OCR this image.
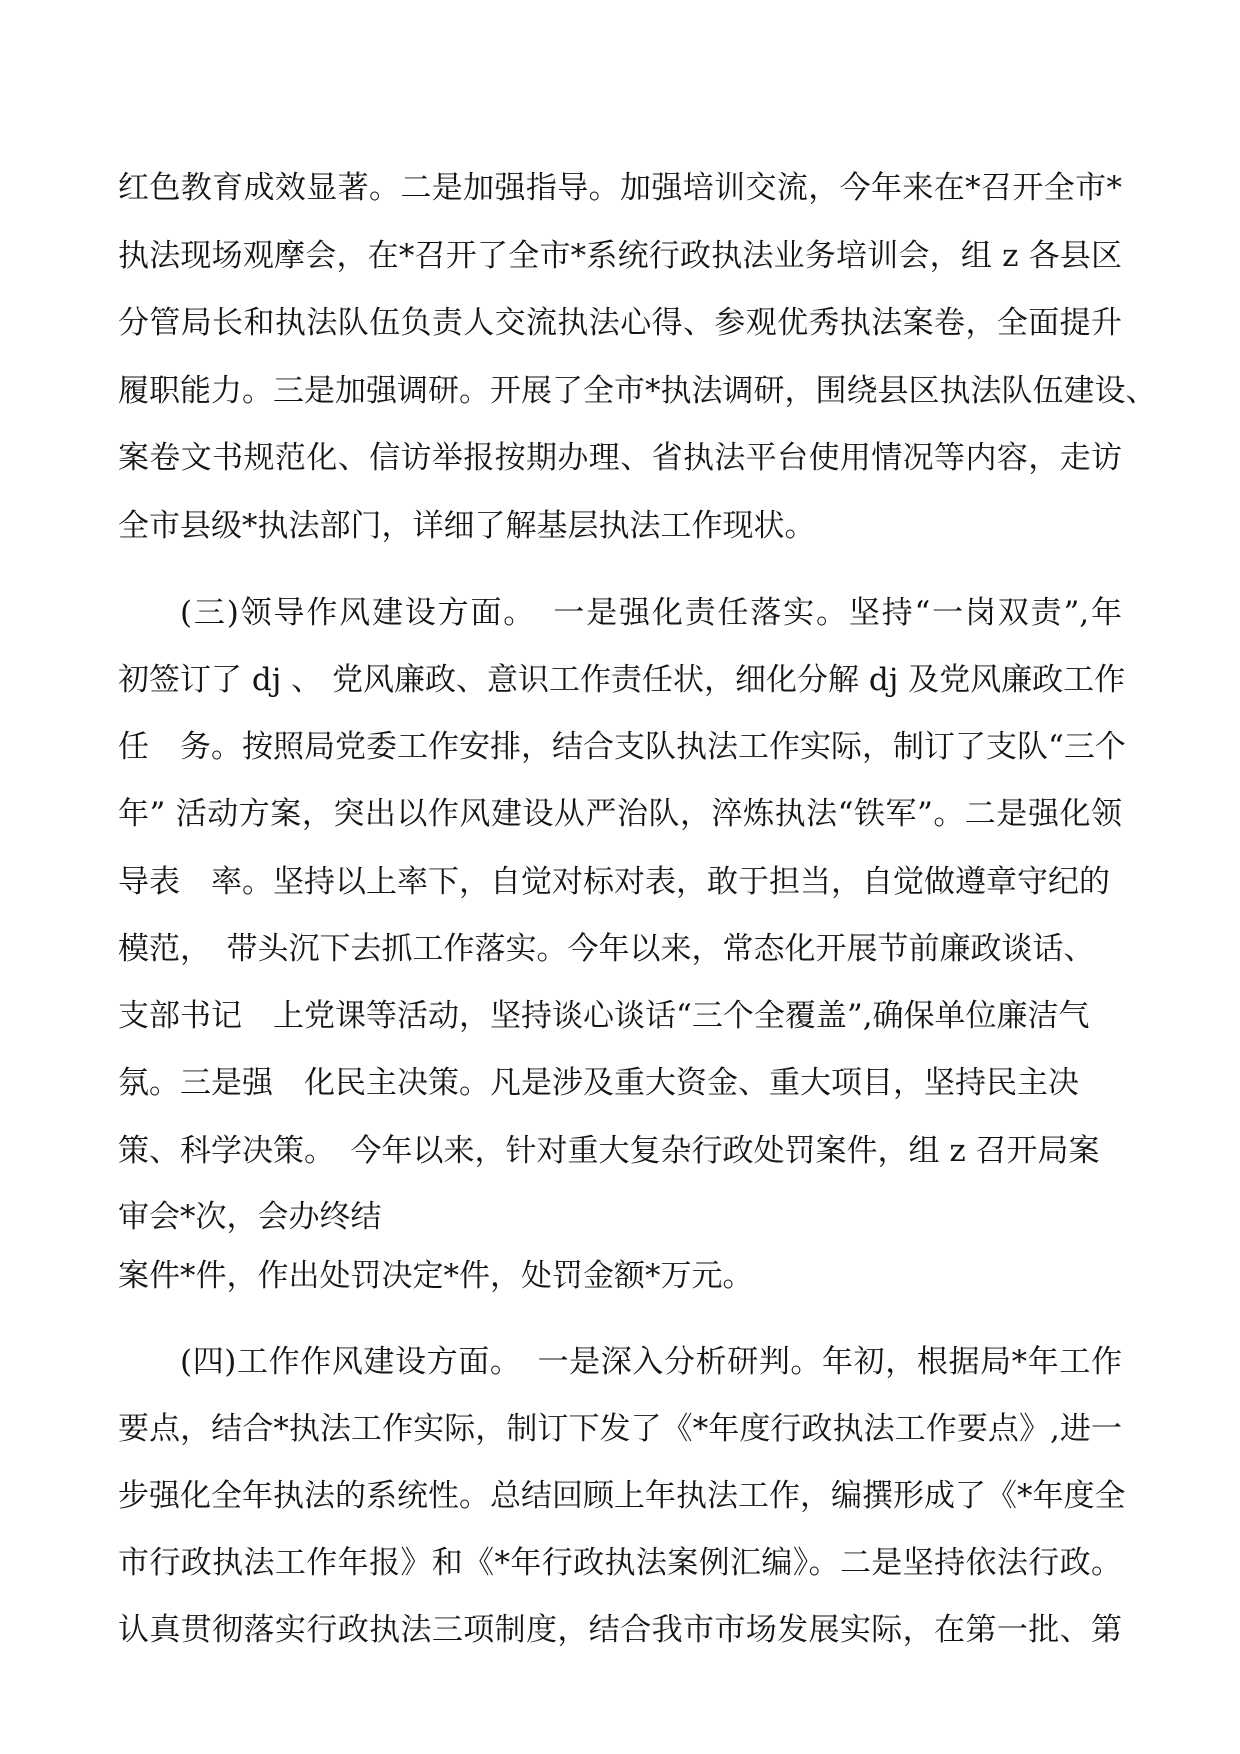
红色教育成效显著。二是加强指导。加强培训交流，今年来在*召开全市*
执法现场观摩会，在*召开了全市*系统行政执法业务培训会，组 z 各县区
分管局长和执法队伍负责人交流执法心得、参观优秀执法案卷，全面提升
履职能力。三是加强调研。开展了全市*执法调研，围绕县区执法队伍建设、
案卷文书规范化、信访举报按期办理、省执法平台使用情况等内容，走访
全市县级*执法部门，详细了解基层执法工作现状。
(三)领导作风建设方面。　一是强化责任落实。坚持“一岗双责”,年
初签订了 dj 、 党风廉政、意识工作责任状，细化分解 dj 及党风廉政工作
任　务。按照局党委工作安排，结合支队执法工作实际，制订了支队“三个
年” 活动方案，突出以作风建设从严治队，淬炼执法“铁军”。二是强化领
导表　率。坚持以上率下，自觉对标对表，敢于担当，自觉做遵章守纪的
模范，　带头沉下去抓工作落实。今年以来，常态化开展节前廉政谈话、
支部书记　上党课等活动，坚持谈心谈话“三个全覆盖”,确保单位廉洁气
氛。三是强　化民主决策。凡是涉及重大资金、重大项目，坚持民主决
策、科学决策。　今年以来，针对重大复杂行政处罚案件，组 z 召开局案
审会*次，会办终结
案件*件，作出处罚决定*件，处罚金额*万元。
(四)工作作风建设方面。　一是深入分析研判。年初，根据局*年工作
要点，结合*执法工作实际，制订下发了《*年度行政执法工作要点》,进一
步强化全年执法的系统性。总结回顾上年执法工作，编撰形成了《*年度全
市行政执法工作年报》和《*年行政执法案例汇编》。二是坚持依法行政。
认真贯彻落实行政执法三项制度，结合我市市场发展实际，在第一批、第
